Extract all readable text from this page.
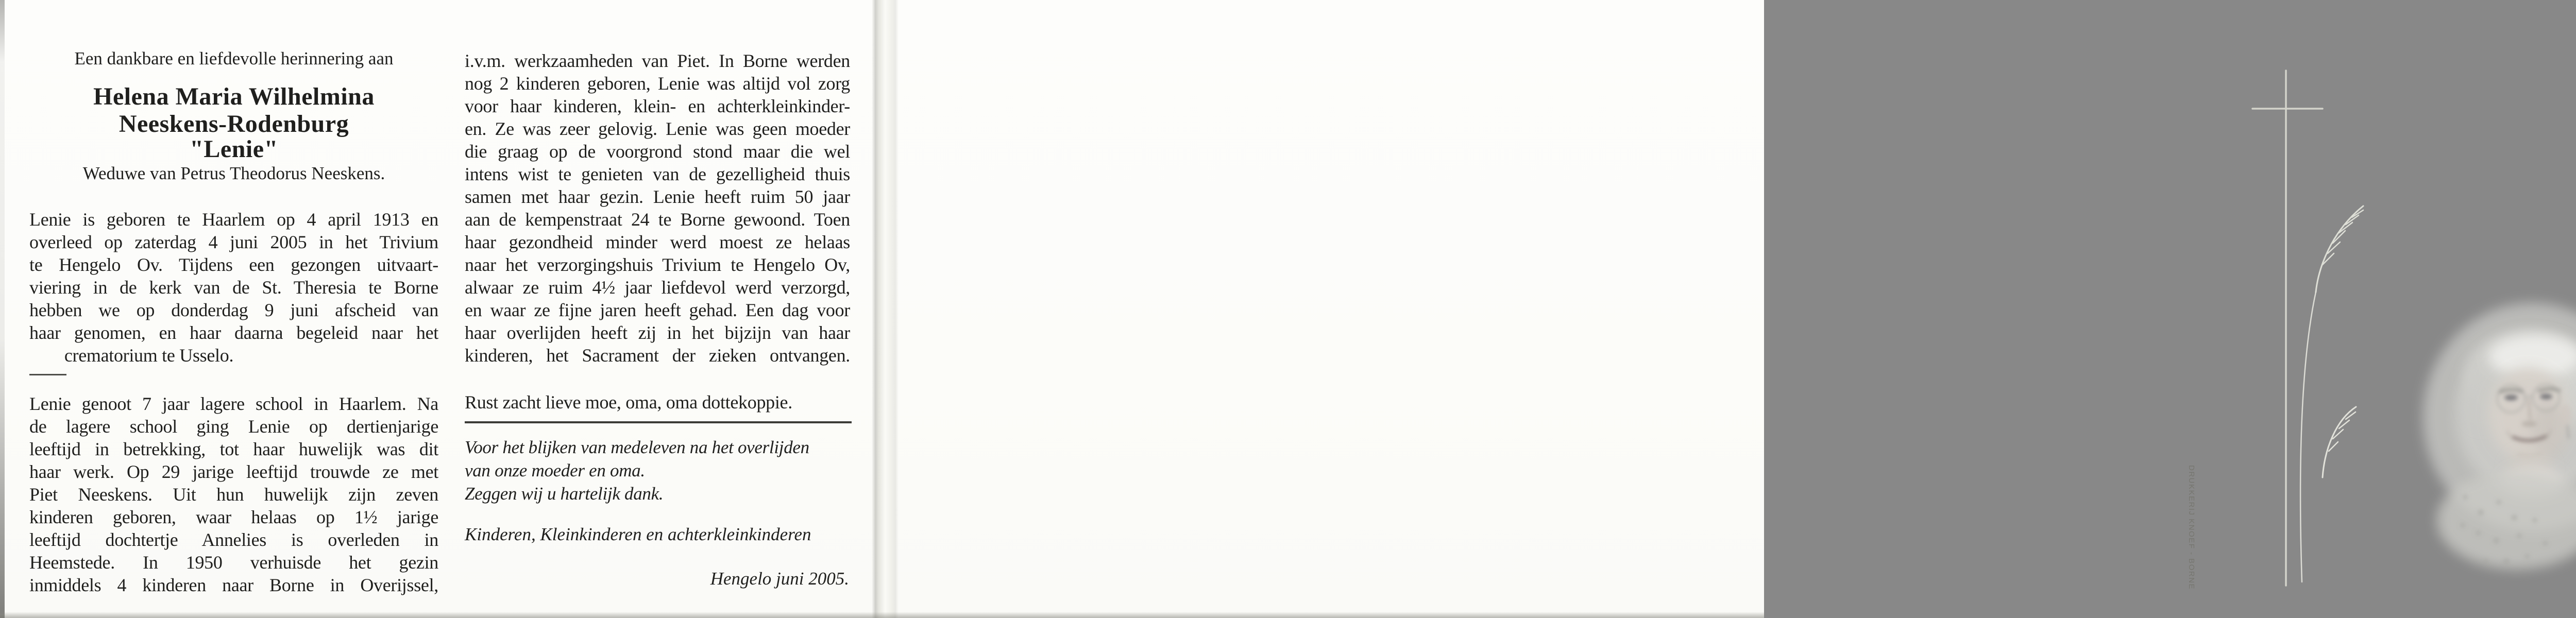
Een dankbare en liefdevolle herinnering aan
Helena Maria Wilhelmina
Neeskens-Rodenburg
"Lenie"
Weduwe van Petrus Theodorus Neeskens.
Lenie is geboren te Haarlem op 4 april 1913 en
overleed op zaterdag 4 juni 2005 in het Trivium
te Hengelo Ov. Tijdens een gezongen uitvaart-
viering in de kerk van de St. Theresia te Borne
hebben we op donderdag 9 juni afscheid van
haar genomen, en haar daarna begeleid naar het
crematorium te Usselo.
Lenie genoot 7 jaar lagere school in Haarlem. Na
de lagere school ging Lenie op dertienjarige
leeftijd in betrekking, tot haar huwelijk was dit
haar werk. Op 29 jarige leeftijd trouwde ze met
Piet Neeskens. Uit hun huwelijk zijn zeven
kinderen geboren, waar helaas op 1½ jarige
leeftijd dochtertje Annelies is overleden in
Heemstede. In 1950 verhuisde het gezin
inmiddels 4 kinderen naar Borne in Overijssel,
i.v.m. werkzaamheden van Piet. In Borne werden
nog 2 kinderen geboren, Lenie was altijd vol zorg
voor haar kinderen, klein- en achterkleinkinder-
en. Ze was zeer gelovig. Lenie was geen moeder
die graag op de voorgrond stond maar die wel
intens wist te genieten van de gezelligheid thuis
samen met haar gezin. Lenie heeft ruim 50 jaar
aan de kempenstraat 24 te Borne gewoond. Toen
haar gezondheid minder werd moest ze helaas
naar het verzorgingshuis Trivium te Hengelo Ov,
alwaar ze ruim 4½ jaar liefdevol werd verzorgd,
en waar ze fijne jaren heeft gehad. Een dag voor
haar overlijden heeft zij in het bijzijn van haar
kinderen, het Sacrament der zieken ontvangen.
Rust zacht lieve moe, oma, oma dottekoppie.
Voor het blijken van medeleven na het overlijden
van onze moeder en oma.
Zeggen wij u hartelijk dank.
Kinderen, Kleinkinderen en achterkleinkinderen
Hengelo juni 2005.	DRUKKERIJ KNOEF - BORNE
